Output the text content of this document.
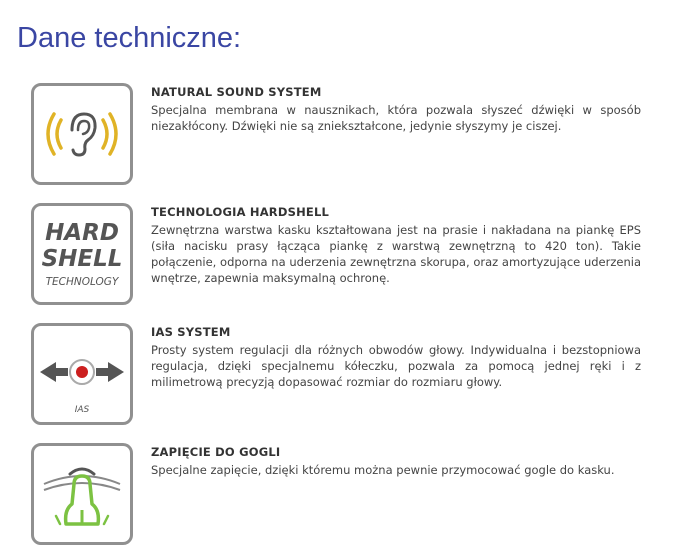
Dane techniczne:

NATURAL SOUND SYSTEM

Specjalna membrana w nausznikach, która pozwala słyszeć dźwięki w sposób niezakłócony. Dźwięki nie są zniekształcone, jedynie słyszymy je ciszej.

HARD
SHELL
TECHNOLOGY

TECHNOLOGIA HARDSHELL

Zewnętrzna warstwa kasku kształtowana jest na prasie i nakładana na piankę EPS (siła nacisku prasy łącząca piankę z warstwą zewnętrzną to 420 ton). Takie połączenie, odporna na uderzenia zewnętrzna skorupa, oraz amortyzujące uderzenia wnętrze, zapewnia maksymalną ochronę.

IAS

IAS SYSTEM

Prosty system regulacji dla różnych obwodów głowy. Indywidualna i bezstopniowa regulacja, dzięki specjalnemu kółeczku, pozwala za pomocą jednej ręki i z milimetrową precyzją dopasować rozmiar do rozmiaru głowy.

ZAPIĘCIE DO GOGLI

Specjalne zapięcie, dzięki któremu można pewnie przymocować gogle do kasku.
